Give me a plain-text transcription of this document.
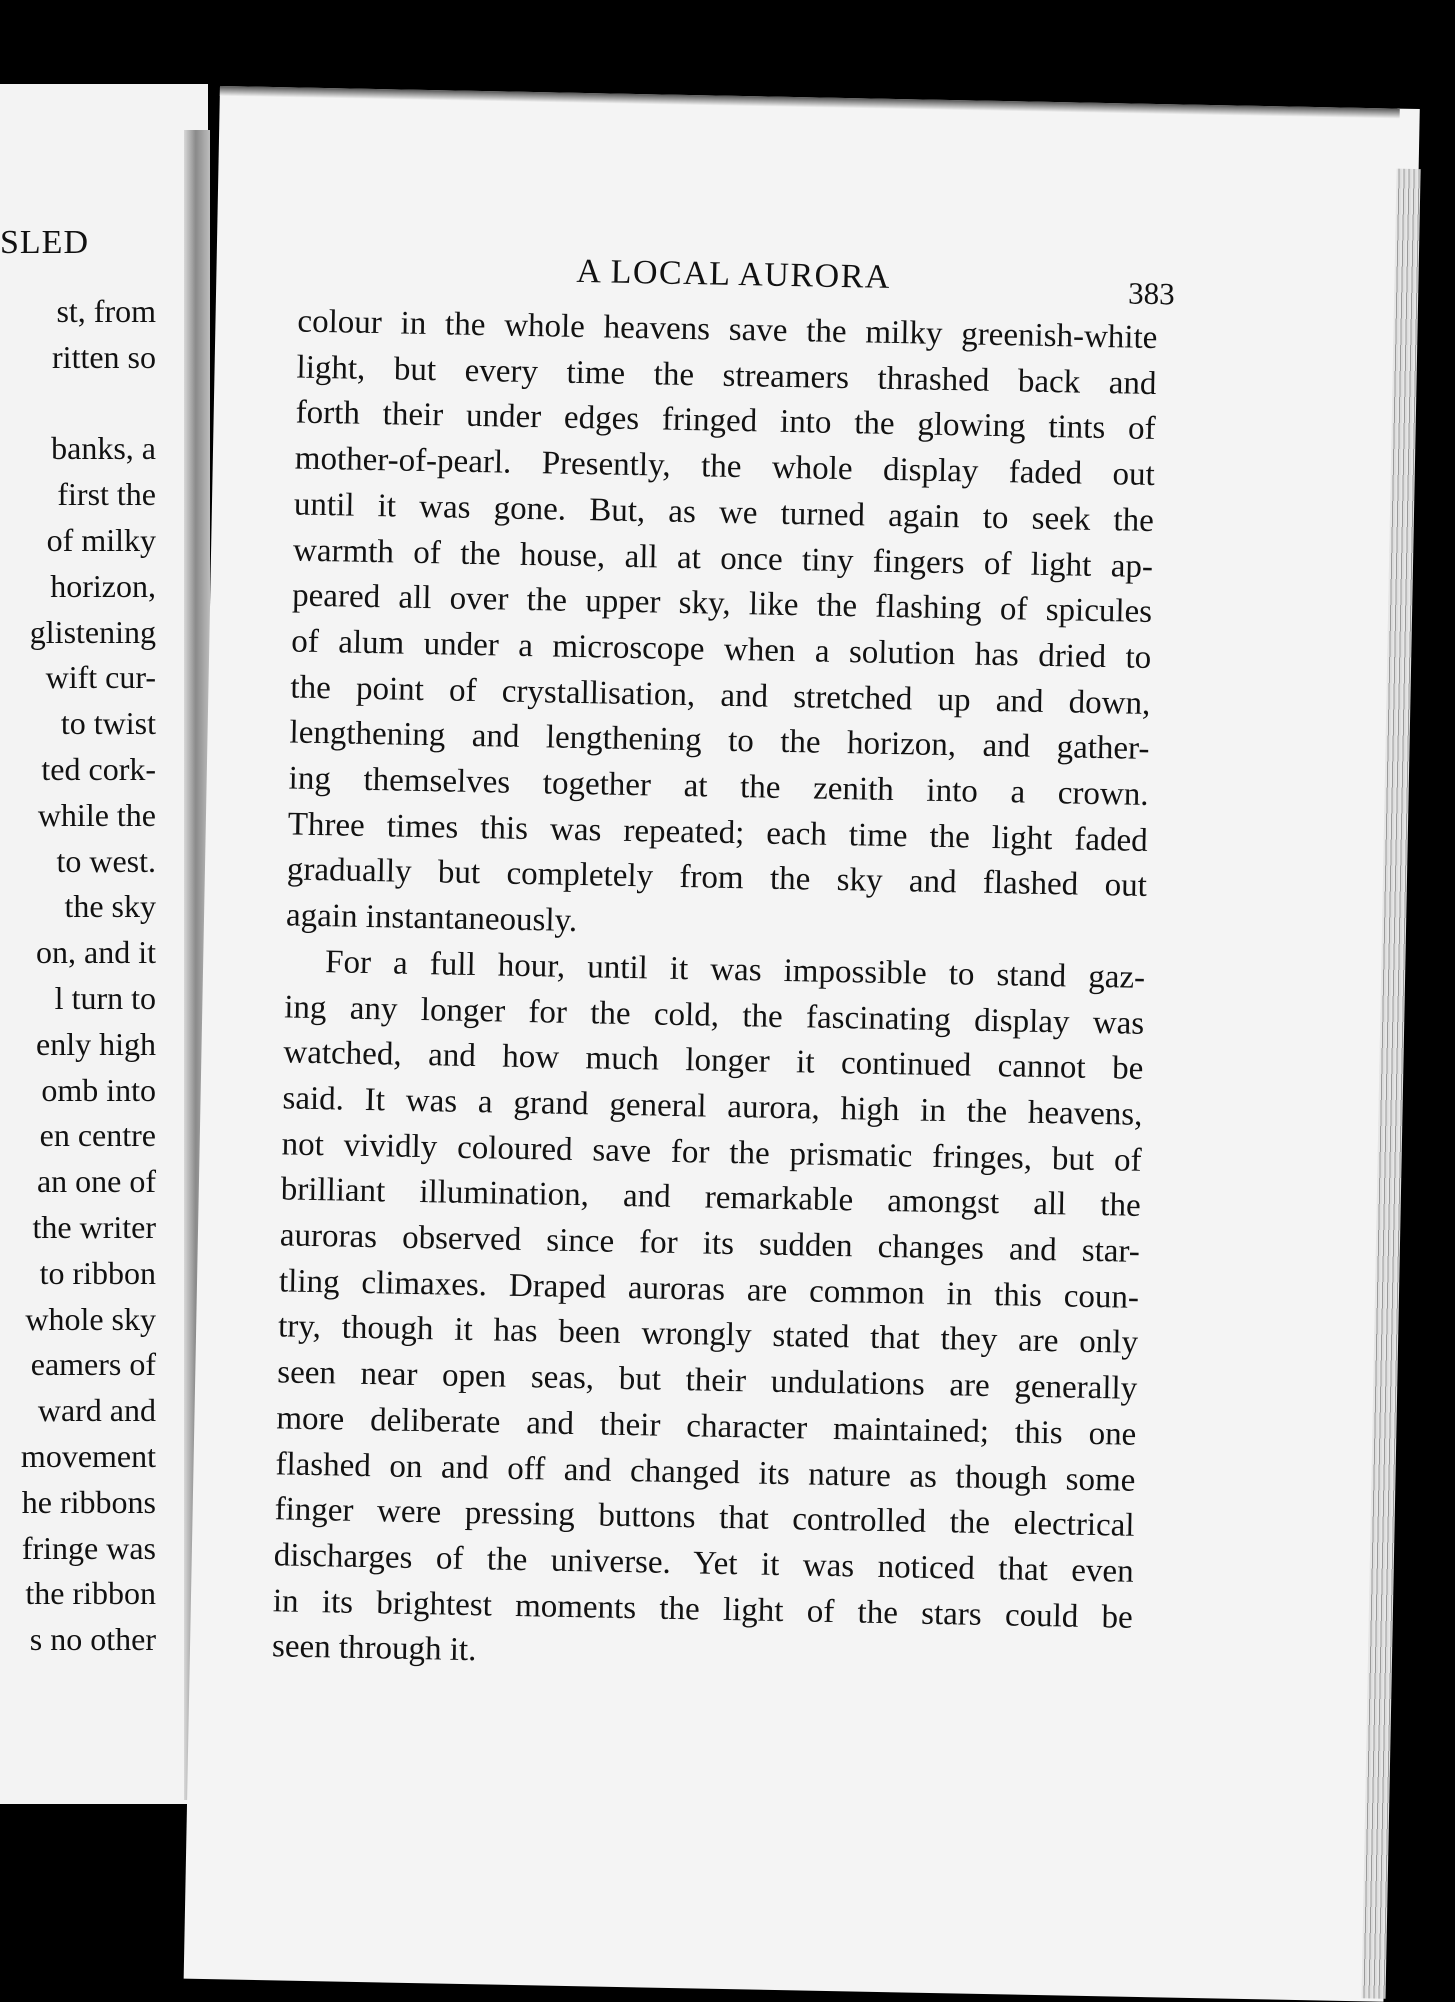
SLED
st, from
ritten so

banks, a
first the
of milky
horizon,
glistening
wift cur-
to twist
ted cork-
while the
to west.
the sky
on, and it
l turn to
enly high
omb into
en centre
an one of
the writer
to ribbon
whole sky
eamers of
ward and
movement
he ribbons
fringe was
the ribbon
s no other
A LOCAL AURORA	383
colour in the whole heavens save the milky greenish-white
light, but every time the streamers thrashed back and
forth their under edges fringed into the glowing tints of
mother-of-pearl. Presently, the whole display faded out
until it was gone. But, as we turned again to seek the
warmth of the house, all at once tiny fingers of light ap-
peared all over the upper sky, like the flashing of spicules
of alum under a microscope when a solution has dried to
the point of crystallisation, and stretched up and down,
lengthening and lengthening to the horizon, and gather-
ing themselves together at the zenith into a crown.
Three times this was repeated; each time the light faded
gradually but completely from the sky and flashed out
again instantaneously.
For a full hour, until it was impossible to stand gaz-
ing any longer for the cold, the fascinating display was
watched, and how much longer it continued cannot be
said. It was a grand general aurora, high in the heavens,
not vividly coloured save for the prismatic fringes, but of
brilliant illumination, and remarkable amongst all the
auroras observed since for its sudden changes and star-
tling climaxes. Draped auroras are common in this coun-
try, though it has been wrongly stated that they are only
seen near open seas, but their undulations are generally
more deliberate and their character maintained; this one
flashed on and off and changed its nature as though some
finger were pressing buttons that controlled the electrical
discharges of the universe. Yet it was noticed that even
in its brightest moments the light of the stars could be
seen through it.
